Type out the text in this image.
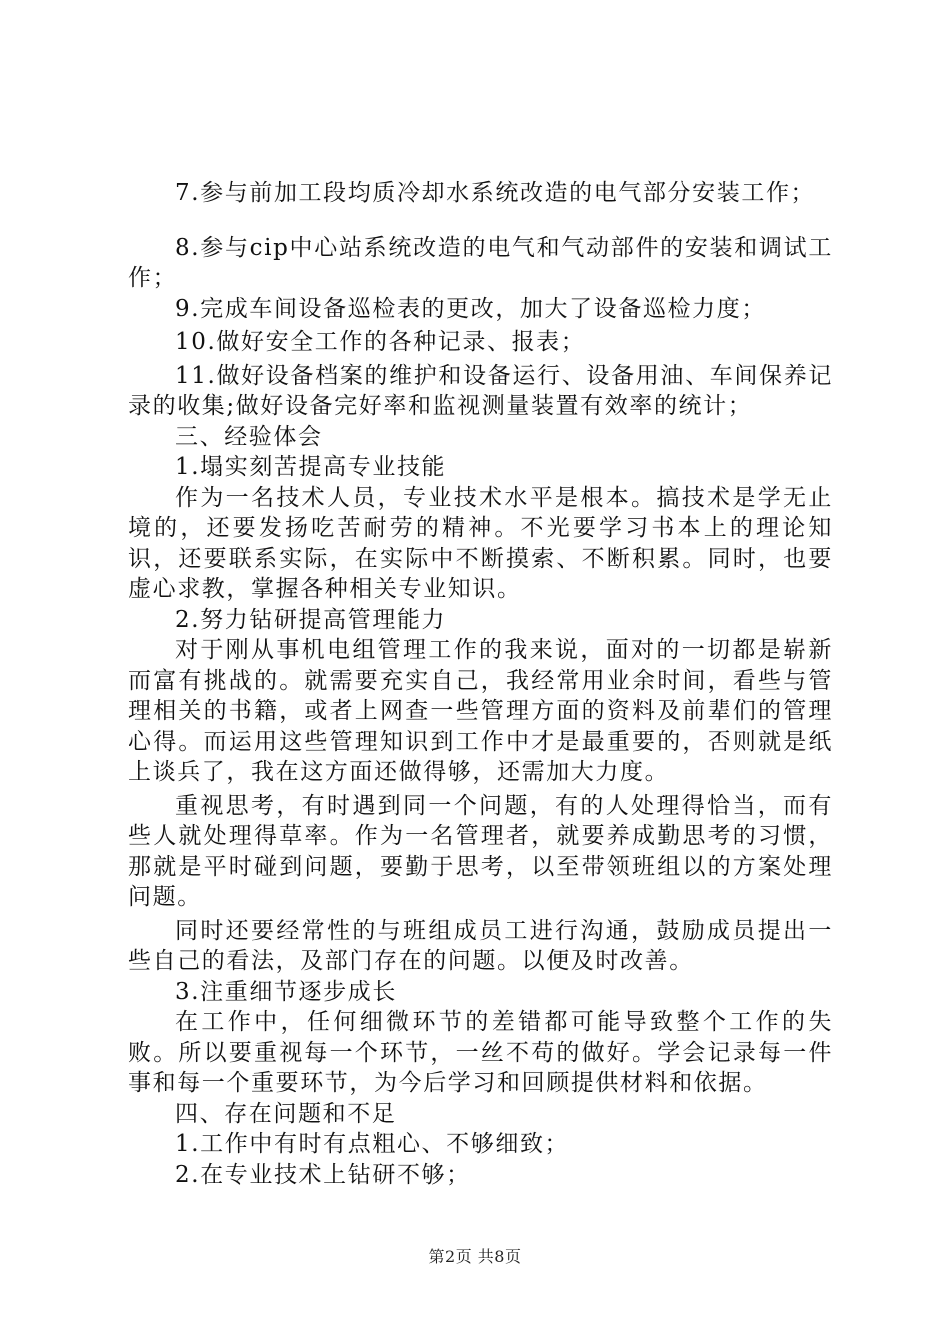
7.参与前加工段均质冷却水系统改造的电气部分安装工作；

8.参与cip中心站系统改造的电气和气动部件的安装和调试工作；

9.完成车间设备巡检表的更改，加大了设备巡检力度；

10.做好安全工作的各种记录、报表；

11.做好设备档案的维护和设备运行、设备用油、车间保养记录的收集;做好设备完好率和监视测量装置有效率的统计；

三、经验体会

1.塌实刻苦提高专业技能

作为一名技术人员，专业技术水平是根本。搞技术是学无止境的，还要发扬吃苦耐劳的精神。不光要学习书本上的理论知识，还要联系实际，在实际中不断摸索、不断积累。同时，也要虚心求教，掌握各种相关专业知识。

2.努力钻研提高管理能力

对于刚从事机电组管理工作的我来说，面对的一切都是崭新而富有挑战的。就需要充实自己，我经常用业余时间，看些与管理相关的书籍，或者上网查一些管理方面的资料及前辈们的管理心得。而运用这些管理知识到工作中才是最重要的，否则就是纸上谈兵了，我在这方面还做得够，还需加大力度。

重视思考，有时遇到同一个问题，有的人处理得恰当，而有些人就处理得草率。作为一名管理者，就要养成勤思考的习惯，那就是平时碰到问题，要勤于思考，以至带领班组以的方案处理问题。

同时还要经常性的与班组成员工进行沟通，鼓励成员提出一些自己的看法，及部门存在的问题。以便及时改善。

3.注重细节逐步成长

在工作中，任何细微环节的差错都可能导致整个工作的失败。所以要重视每一个环节，一丝不苟的做好。学会记录每一件事和每一个重要环节，为今后学习和回顾提供材料和依据。

四、存在问题和不足

1.工作中有时有点粗心、不够细致；

2.在专业技术上钻研不够；

第2页 共8页
